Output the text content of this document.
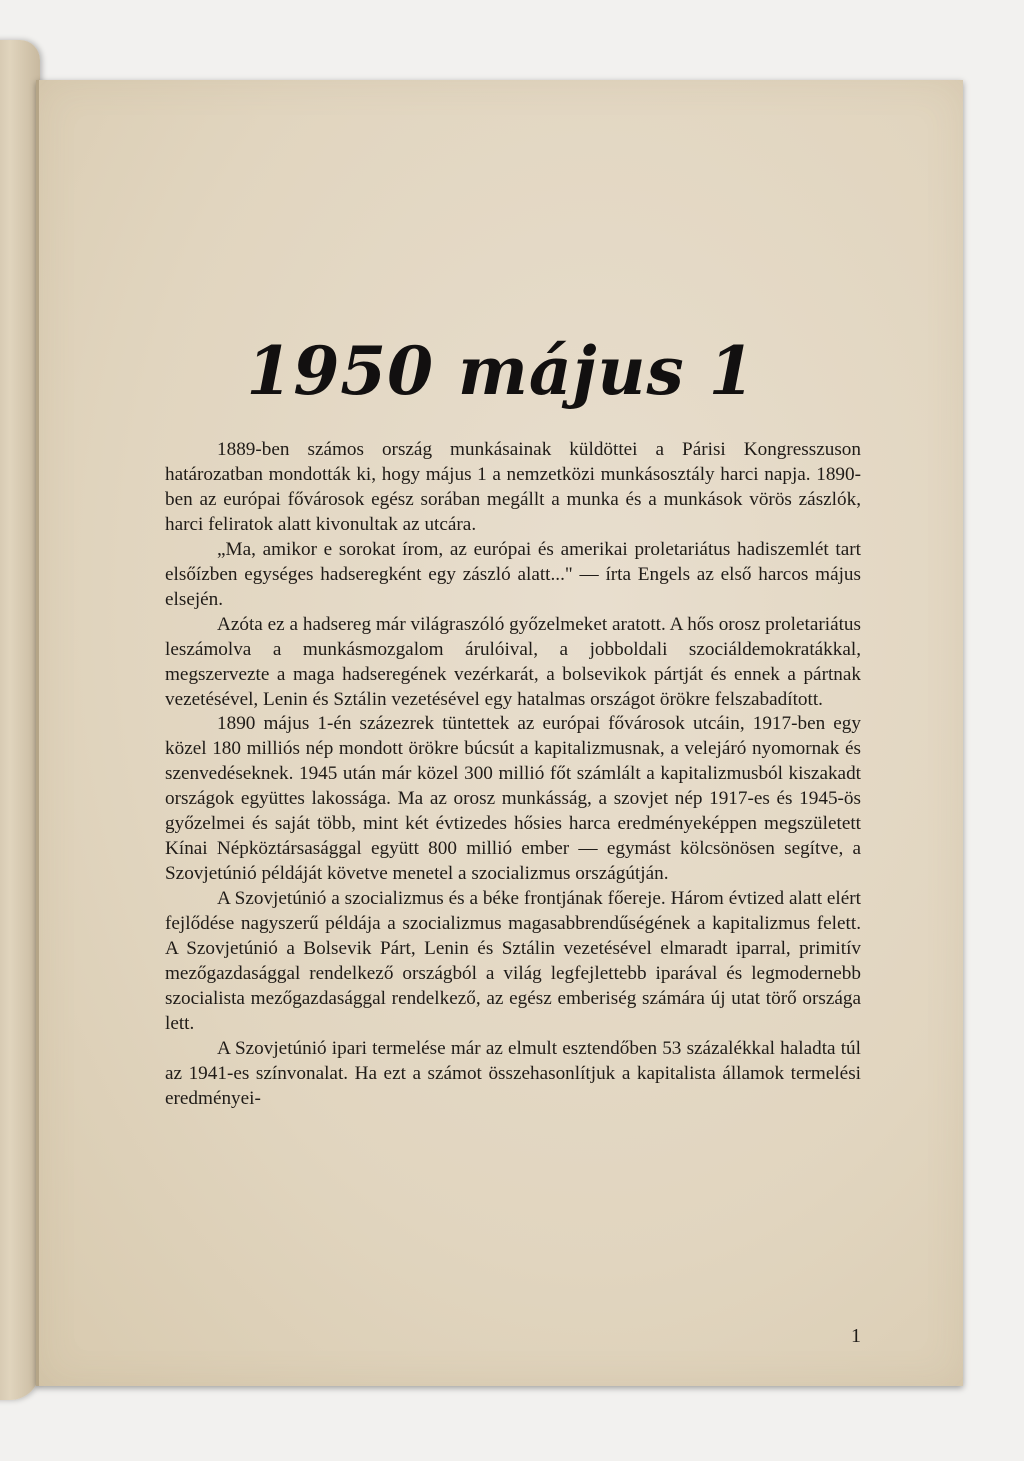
1950 május 1

1889-ben számos ország munkásainak küldöttei a Párisi Kongresszuson határozatban mondották ki, hogy május 1 a nemzetközi munkásosztály harci napja. 1890-ben az európai fővárosok egész sorában megállt a munka és a munkások vörös zászlók, harci feliratok alatt kivonultak az utcára.

„Ma, amikor e sorokat írom, az európai és amerikai proletariátus hadiszemlét tart elsőízben egységes hadseregként egy zászló alatt..." — írta Engels az első harcos május elsején.

Azóta ez a hadsereg már világraszóló győzelmeket aratott. A hős orosz proletariátus leszámolva a munkásmozgalom árulóival, a jobboldali szociáldemokratákkal, megszervezte a maga hadseregének vezérkarát, a bolsevikok pártját és ennek a pártnak vezetésével, Lenin és Sztálin vezetésével egy hatalmas országot örökre felszabadított.

1890 május 1-én százezrek tüntettek az európai fővárosok utcáin, 1917-ben egy közel 180 milliós nép mondott örökre búcsút a kapitalizmusnak, a velejáró nyomornak és szenvedéseknek. 1945 után már közel 300 millió főt számlált a kapitalizmusból kiszakadt országok együttes lakossága. Ma az orosz munkásság, a szovjet nép 1917-es és 1945-ös győzelmei és saját több, mint két évtizedes hősies harca eredményeképpen megszületett Kínai Népköztársasággal együtt 800 millió ember — egymást kölcsönösen segítve, a Szovjetúnió példáját követve menetel a szocializmus országútján.

A Szovjetúnió a szocializmus és a béke frontjának főereje. Három évtized alatt elért fejlődése nagyszerű példája a szocializmus magasabbrendűségének a kapitalizmus felett. A Szovjetúnió a Bolsevik Párt, Lenin és Sztálin vezetésével elmaradt iparral, primitív mezőgazdasággal rendelkező országból a világ legfejlettebb iparával és legmodernebb szocialista mezőgazdasággal rendelkező, az egész emberiség számára új utat törő országa lett.

A Szovjetúnió ipari termelése már az elmult esztendőben 53 százalékkal haladta túl az 1941-es színvonalat. Ha ezt a számot összehasonlítjuk a kapitalista államok termelési eredményei-

1
